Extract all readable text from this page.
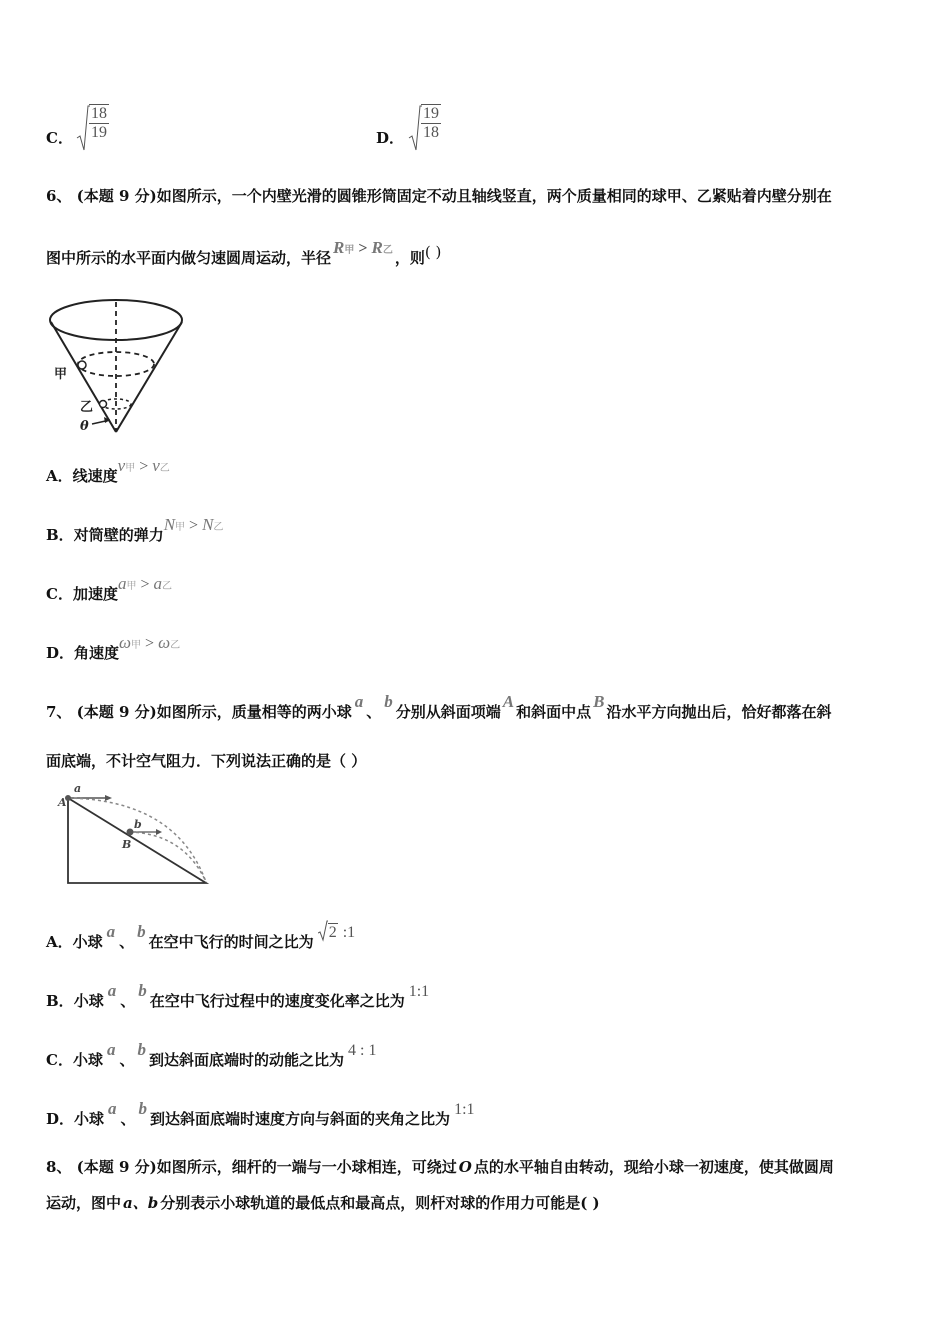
C． $\frac{18}{19}$	D． $\frac{19}{18}$
6、 (本题 9 分)如图所示，一个内壁光滑的圆锥形筒固定不动且轴线竖直，两个质量相同的球甲、乙紧贴着内壁分别在
图中所示的水平面内做匀速圆周运动，半径R甲 > R乙 ，则( )
甲
乙
θ
A．线速度v甲 > v乙
B．对筒壁的弹力N甲 > N乙
C．加速度a甲 > a乙
D．角速度ω甲 > ω乙
7、 (本题 9 分)如图所示，质量相等的两小球a、b分别从斜面项端A和斜面中点B沿水平方向抛出后，恰好都落在斜
面底端，不计空气阻力．下列说法正确的是（ ）
a
A
b
B
A．小球a、b在空中飞行的时间之比为
2 :1
B．小球a、b在空中飞行过程中的速度变化率之比为1:1
C．小球a、b到达斜面底端时的动能之比为4 : 1
D．小球a、b到达斜面底端时速度方向与斜面的夹角之比为1:1
8、 (本题 9 分)如图所示，细杆的一端与一小球相连，可绕过 O 点的水平轴自由转动，现给小球一初速度，使其做圆周
运动，图中 a、b 分别表示小球轨道的最低点和最高点，则杆对球的作用力可能是( )
